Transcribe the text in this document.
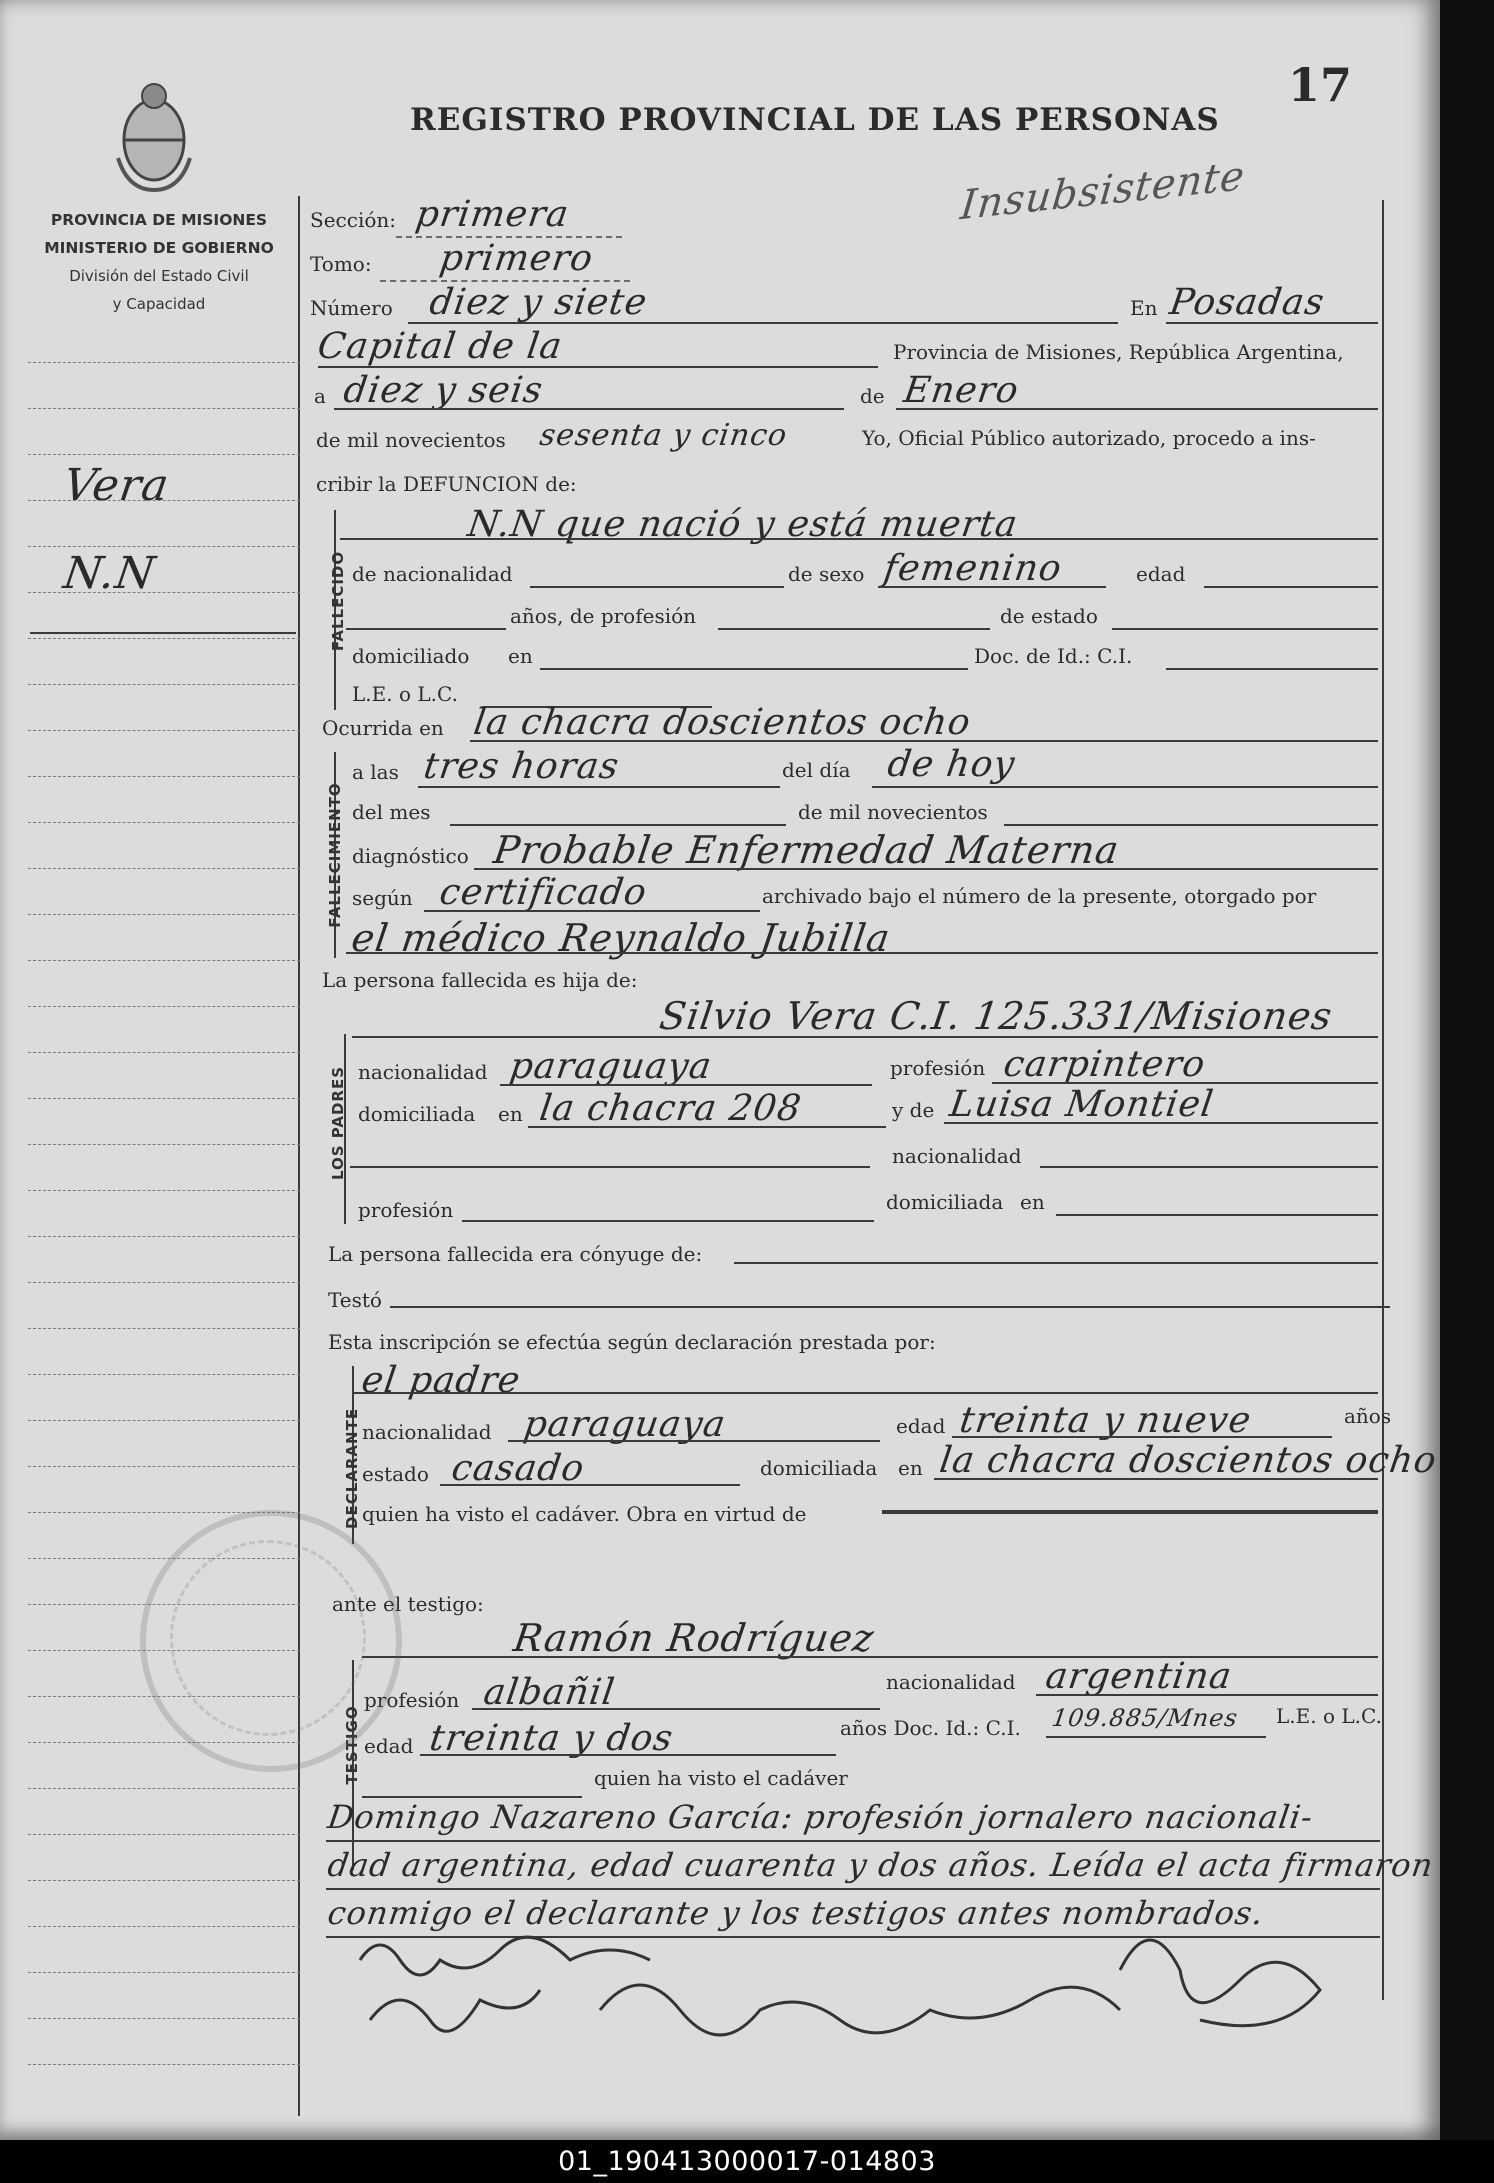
PROVINCIA DE MISIONES
MINISTERIO DE GOBIERNO
División del Estado Civil
y Capacidad
17
REGISTRO PROVINCIAL DE LAS PERSONAS
Insubsistente
Vera
N.N
Sección: primera
Tomo: primero
Número diez y siete	En Posadas
Capital de la	Provincia de Misiones, República Argentina,
a diez y seis	de Enero
de mil novecientos sesenta y cinco	Yo, Oficial Público autorizado, procedo a ins-
cribir la DEFUNCION de:
FALLECIDO
N.N que nació y está muerta
de nacionalidad	de sexo femenino	edad
años, de profesión	de estado
domiciliado en	Doc. de Id.: C.I.
L.E. o L.C.
Ocurrida en la chacra doscientos ocho
FALLECIMIENTO
a las tres horas	del día de hoy
del mes	de mil novecientos
diagnóstico Probable Enfermedad Materna
según certificado	archivado bajo el número de la presente, otorgado por
el médico Reynaldo Jubilla
La persona fallecida es hija de:
Silvio Vera C.I. 125.331/Misiones
LOS PADRES nacionalidad paraguaya	profesión carpintero
domiciliada en la chacra 208	y de Luisa Montiel
nacionalidad
profesión	domiciliada en
La persona fallecida era cónyuge de:
Testó
Esta inscripción se efectúa según declaración prestada por:
el padre
DECLARANTE nacionalidad paraguaya	edad treinta y nueve	años
estado casado	domiciliada en la chacra doscientos ocho
quien ha visto el cadáver. Obra en virtud de
ante el testigo:
Ramón Rodríguez
TESTIGO
profesión albañil	nacionalidad argentina
edad treinta y dos	años Doc. Id.: C.I. 109.885/Mnes L.E. o L.C.
quien ha visto el cadáver
Domingo Nazareno García: profesión jornalero nacionali-
dad argentina, edad cuarenta y dos años. Leída el acta firmaron
conmigo el declarante y los testigos antes nombrados.
01_190413000017-014803
